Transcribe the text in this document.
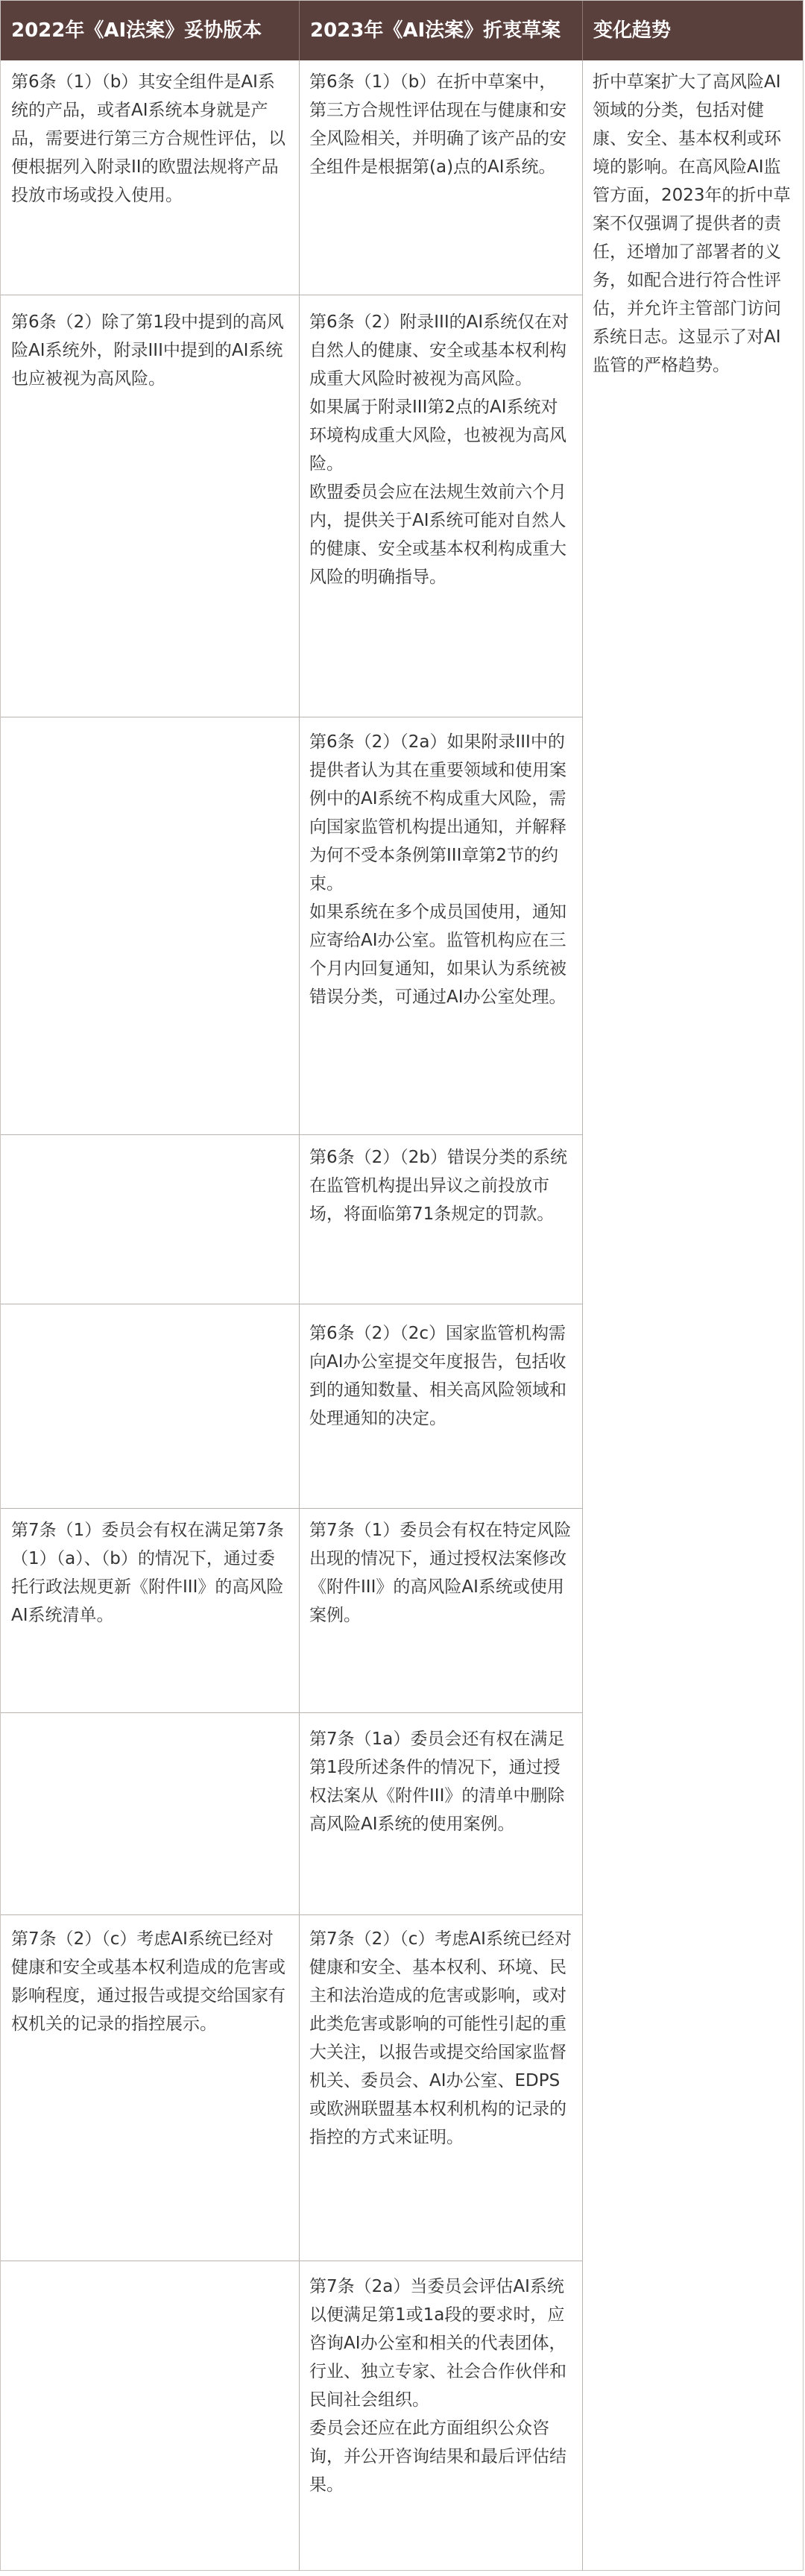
2022年《AI法案》妥协版本	2023年《AI法案》折衷草案	变化趋势

第6条（1）（b）其安全组件是AI系统的产品，或者AI系统本身就是产品，需要进行第三方合规性评估，以便根据列入附录II的欧盟法规将产品投放市场或投入使用。

第6条（1）（b）在折中草案中，第三方合规性评估现在与健康和安全风险相关，并明确了该产品的安全组件是根据第(a)点的AI系统。

第6条（2）除了第1段中提到的高风险AI系统外，附录III中提到的AI系统也应被视为高风险。

第6条（2）附录III的AI系统仅在对自然人的健康、安全或基本权利构成重大风险时被视为高风险。

如果属于附录III第2点的AI系统对环境构成重大风险，也被视为高风险。

欧盟委员会应在法规生效前六个月内，提供关于AI系统可能对自然人的健康、安全或基本权利构成重大风险的明确指导。

第6条（2）（2a）如果附录III中的提供者认为其在重要领域和使用案例中的AI系统不构成重大风险，需向国家监管机构提出通知，并解释为何不受本条例第III章第2节的约束。

如果系统在多个成员国使用，通知应寄给AI办公室。监管机构应在三个月内回复通知，如果认为系统被错误分类，可通过AI办公室处理。

第6条（2）（2b）错误分类的系统在监管机构提出异议之前投放市场，将面临第71条规定的罚款。

第6条（2）（2c）国家监管机构需向AI办公室提交年度报告，包括收到的通知数量、相关高风险领域和处理通知的决定。

第7条（1）委员会有权在满足第7条（1）（a）、（b）的情况下，通过委托行政法规更新《附件III》的高风险AI系统清单。

第7条（1）委员会有权在特定风险出现的情况下，通过授权法案修改《附件III》的高风险AI系统或使用案例。

第7条（1a）委员会还有权在满足第1段所述条件的情况下，通过授权法案从《附件III》的清单中删除高风险AI系统的使用案例。

第7条（2）（c）考虑AI系统已经对健康和安全或基本权利造成的危害或影响程度，通过报告或提交给国家有权机关的记录的指控展示。

第7条（2）（c）考虑AI系统已经对健康和安全、基本权利、环境、民主和法治造成的危害或影响，或对此类危害或影响的可能性引起的重大关注，以报告或提交给国家监督机关、委员会、AI办公室、EDPS或欧洲联盟基本权利机构的记录的指控的方式来证明。

第7条（2a）当委员会评估AI系统以便满足第1或1a段的要求时，应咨询AI办公室和相关的代表团体，行业、独立专家、社会合作伙伴和民间社会组织。

委员会还应在此方面组织公众咨询，并公开咨询结果和最后评估结果。

折中草案扩大了高风险AI领域的分类，包括对健康、安全、基本权利或环境的影响。在高风险AI监管方面，2023年的折中草案不仅强调了提供者的责任，还增加了部署者的义务，如配合进行符合性评估，并允许主管部门访问系统日志。这显示了对AI监管的严格趋势。
